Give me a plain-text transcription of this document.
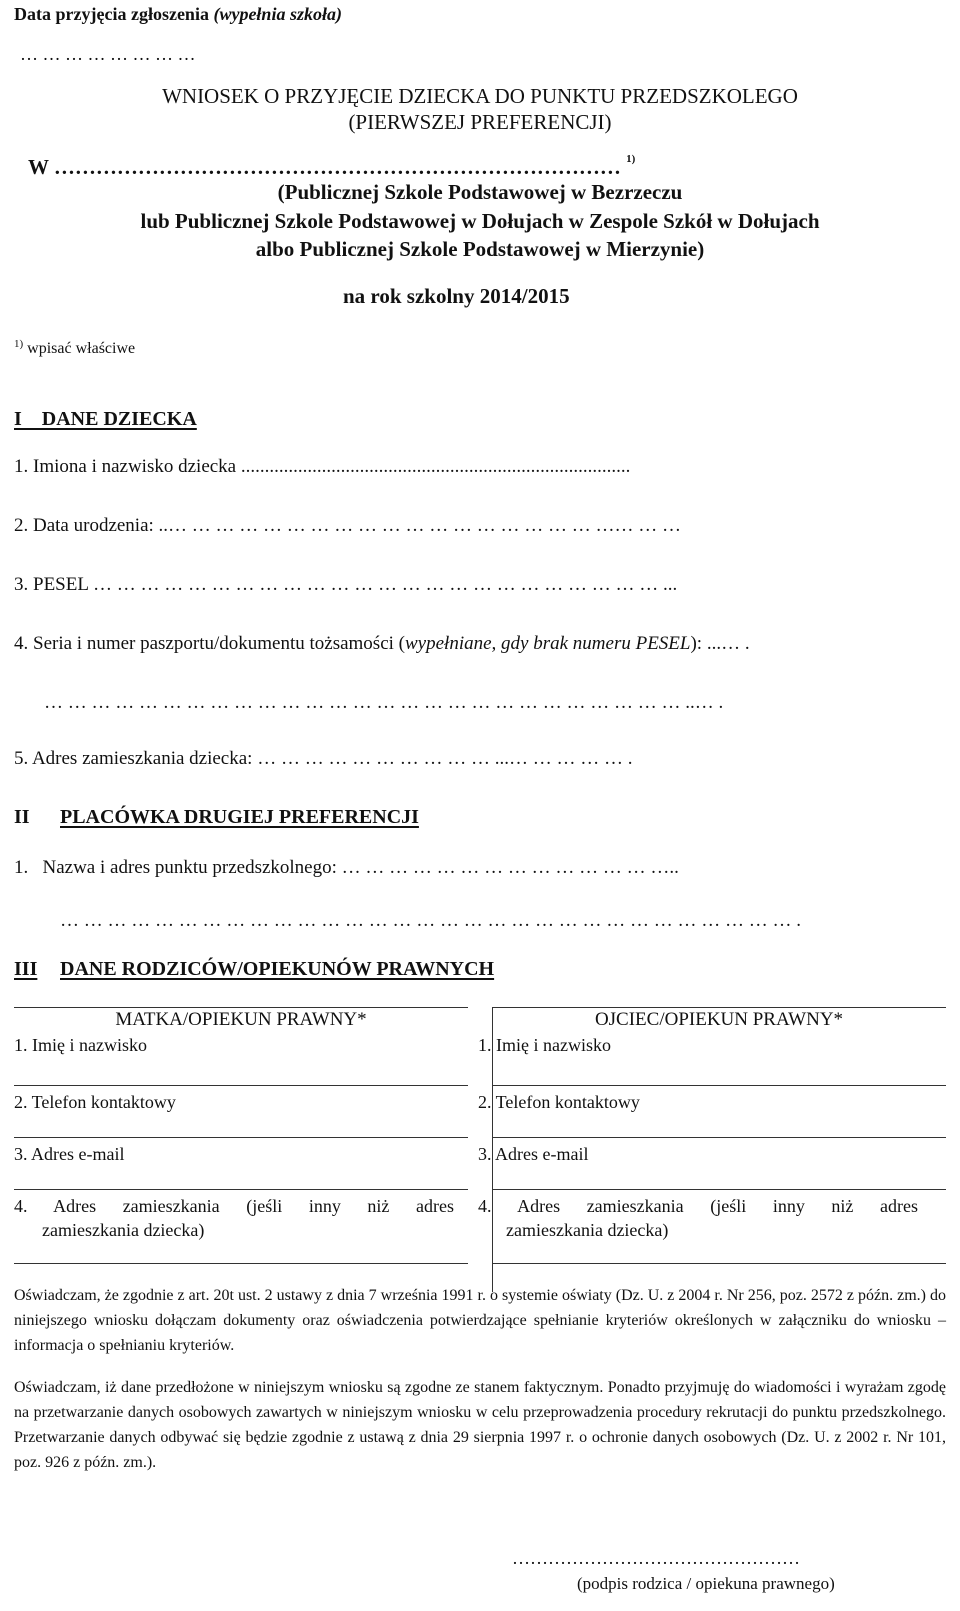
Data przyjęcia zgłoszenia (wypełnia szkoła)
… … … … … … … …
WNIOSEK O PRZYJĘCIE DZIECKA DO PUNKTU PRZEDSZKOLEGO
(PIERWSZEJ PREFERENCJI)
W ……………………………………………………………………… $^{1)}$
(Publicznej Szkole Podstawowej w Bezrzeczu
lub Publicznej Szkole Podstawowej w Dołujach w Zespole Szkół w Dołujach
albo Publicznej Szkole Podstawowej w Mierzynie)
na rok szkolny 2014/2015
$^{1)}$ wpisać właściwe
I    DANE DZIECKA
1. Imiona i nazwisko dziecka ..................................................................................
2. Data urodzenia: ..… … … … … … … … … … … … … … … … … … …… … …
3. PESEL … … … … … … … … … … … … … … … … … … … … … … … … ...
4. Seria i numer paszportu/dokumentu tożsamości (wypełniane, gdy brak numeru PESEL): ...… .
… … … … … … … … … … … … … … … … … … … … … … … … … … … ..… .
5. Adres zamieszkania dziecka: … … … … … … … … … … ...… … … … … .
II PLACÓWKA DRUGIEJ PREFERENCJI
1.   Nazwa i adres punktu przedszkolnego: … … … … … … … … … … … … … …..
… … … … … … … … … … … … … … … … … … … … … … … … … … … … … … … .
III DANE RODZICÓW/OPIEKUNÓW PRAWNYCH
MATKA/OPIEKUN PRAWNY*	OJCIEC/OPIEKUN PRAWNY*
1. Imię i nazwisko
2. Telefon kontaktowy
3. Adres e-mail
4. Adres zamieszkania (jeśli inny niż adres
zamieszkania dziecka)
1. Imię i nazwisko
2. Telefon kontaktowy
3. Adres e-mail
4. Adres zamieszkania (jeśli inny niż adres
zamieszkania dziecka)
Oświadczam, że zgodnie z art. 20t ust. 2 ustawy z dnia 7 września 1991 r. o systemie oświaty (Dz. U. z 2004 r. Nr 256, poz. 2572 z późn. zm.) do niniejszego wniosku dołączam dokumenty oraz oświadczenia potwierdzające spełnianie kryteriów określonych w załączniku do wniosku – informacja o spełnianiu kryteriów.
Oświadczam, iż dane przedłożone w niniejszym wniosku są zgodne ze stanem faktycznym. Ponadto przyjmuję do wiadomości i wyrażam zgodę na przetwarzanie danych osobowych zawartych w niniejszym wniosku w celu przeprowadzenia procedury rekrutacji do punktu przedszkolnego. Przetwarzanie danych odbywać się będzie zgodnie z ustawą z dnia 29 sierpnia 1997 r. o ochronie danych osobowych (Dz. U. z 2002 r. Nr 101, poz. 926 z późn. zm.).
…………………………………………
(podpis rodzica / opiekuna prawnego)
